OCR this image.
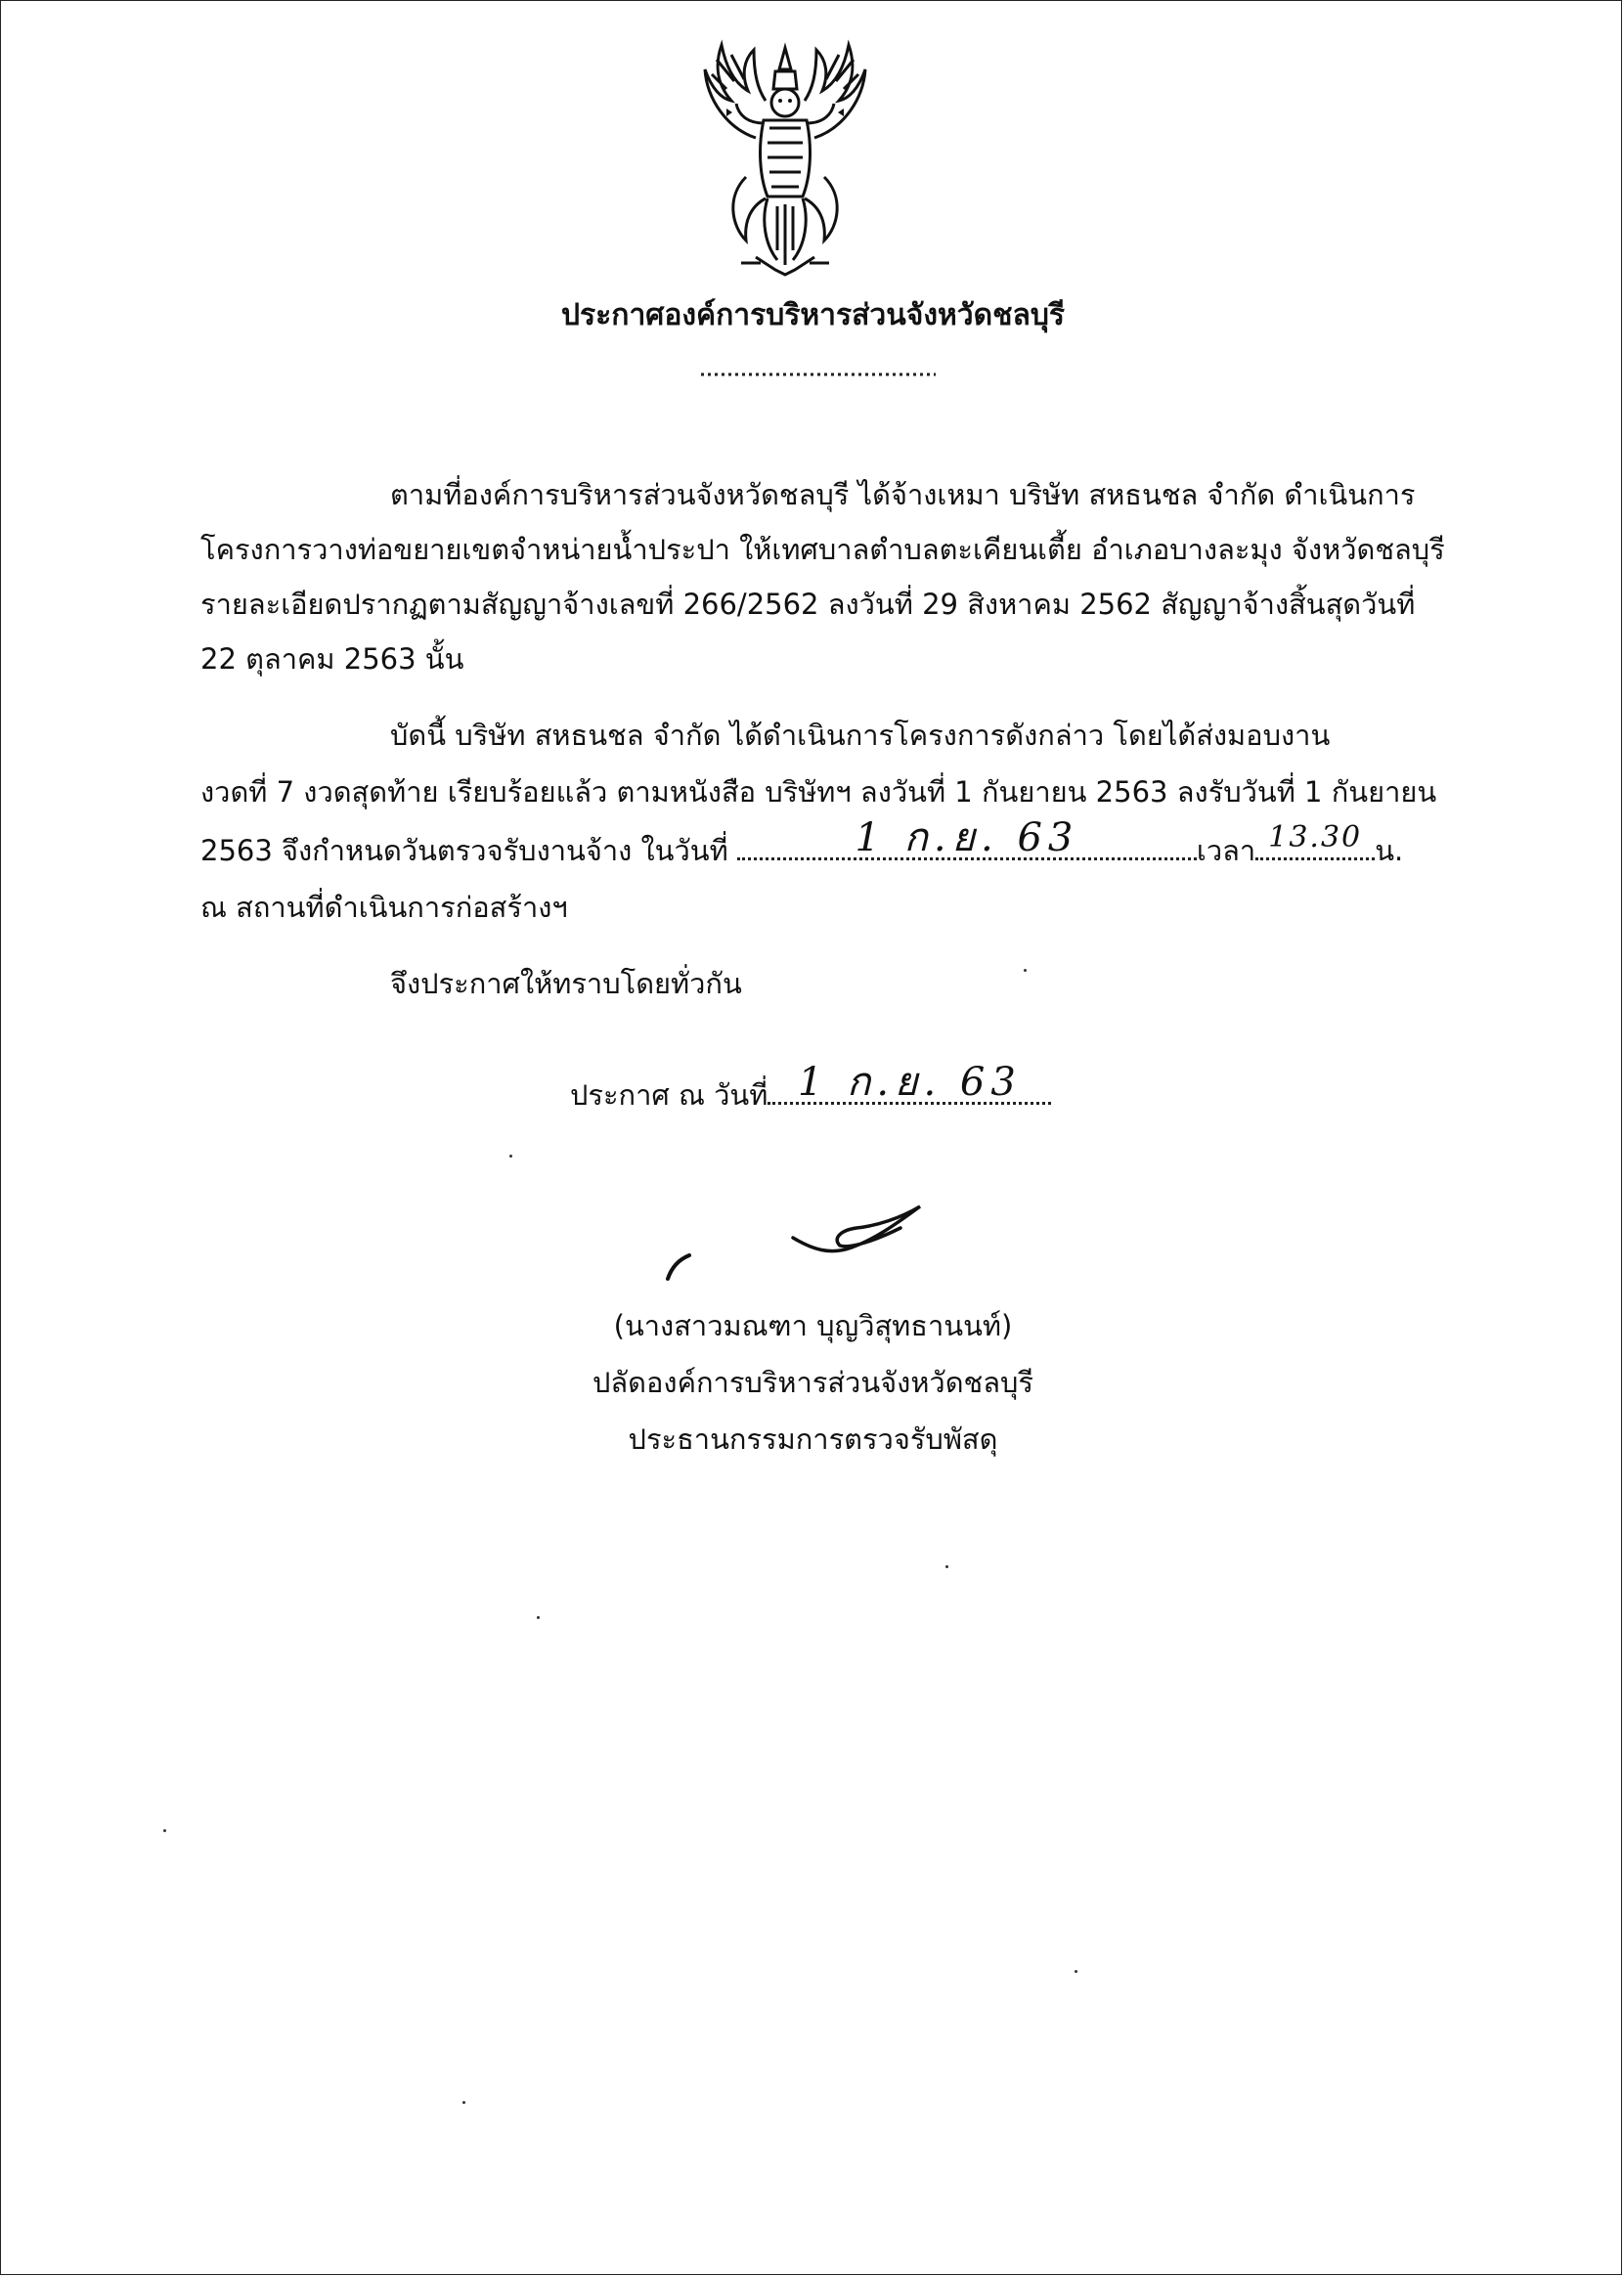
ประกาศองค์การบริหารส่วนจังหวัดชลบุรี
ตามที่องค์การบริหารส่วนจังหวัดชลบุรี ได้จ้างเหมา บริษัท สหธนชล จำกัด ดำเนินการ
โครงการวางท่อขยายเขตจำหน่ายน้ำประปา ให้เทศบาลตำบลตะเคียนเตี้ย อำเภอบางละมุง จังหวัดชลบุรี
รายละเอียดปรากฏตามสัญญาจ้างเลขที่ 266/2562 ลงวันที่ 29 สิงหาคม 2562 สัญญาจ้างสิ้นสุดวันที่
22 ตุลาคม 2563 นั้น
บัดนี้ บริษัท สหธนชล จำกัด ได้ดำเนินการโครงการดังกล่าว โดยได้ส่งมอบงาน
งวดที่ 7 งวดสุดท้าย เรียบร้อยแล้ว ตามหนังสือ บริษัทฯ ลงวันที่ 1 กันยายน 2563 ลงรับวันที่ 1 กันยายน
2563 จึงกำหนดวันตรวจรับงานจ้าง ในวันที่	1 ก.ย. 63	เวลา 13.30 น.
ณ สถานที่ดำเนินการก่อสร้างฯ
จึงประกาศให้ทราบโดยทั่วกัน
ประกาศ ณ วันที่ 1 ก.ย. 63
(นางสาวมณฑา บุญวิสุทธานนท์)
ปลัดองค์การบริหารส่วนจังหวัดชลบุรี
ประธานกรรมการตรวจรับพัสดุ
